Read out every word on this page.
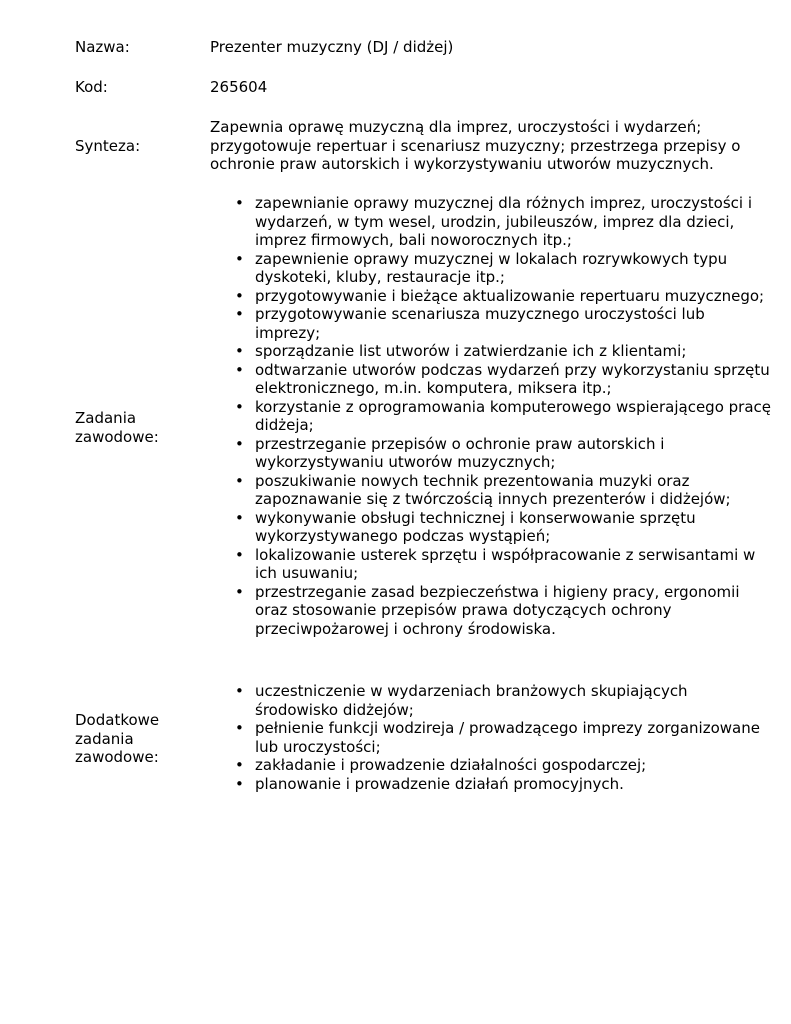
Nazwa:	Prezenter muzyczny (DJ / didżej)
Kod:	265604
Synteza:
Zapewnia oprawę muzyczną dla imprez, uroczystości i wydarzeń; przygotowuje repertuar i scenariusz muzyczny; przestrzega przepisy o ochronie praw autorskich i wykorzystywaniu utworów muzycznych.
Zadania zawodowe:
• zapewnianie oprawy muzycznej dla różnych imprez, uroczystości i wydarzeń, w tym wesel, urodzin, jubileuszów, imprez dla dzieci, imprez firmowych, bali noworocznych itp.;
• zapewnienie oprawy muzycznej w lokalach rozrywkowych typu dyskoteki, kluby, restauracje itp.;
• przygotowywanie i bieżące aktualizowanie repertuaru muzycznego;
• przygotowywanie scenariusza muzycznego uroczystości lub imprezy;
• sporządzanie list utworów i zatwierdzanie ich z klientami;
• odtwarzanie utworów podczas wydarzeń przy wykorzystaniu sprzętu elektronicznego, m.in. komputera, miksera itp.;
• korzystanie z oprogramowania komputerowego wspierającego pracę didżeja;
• przestrzeganie przepisów o ochronie praw autorskich i wykorzystywaniu utworów muzycznych;
• poszukiwanie nowych technik prezentowania muzyki oraz zapoznawanie się z twórczością innych prezenterów i didżejów;
• wykonywanie obsługi technicznej i konserwowanie sprzętu wykorzystywanego podczas wystąpień;
• lokalizowanie usterek sprzętu i współpracowanie z serwisantami w ich usuwaniu;
• przestrzeganie zasad bezpieczeństwa i higieny pracy, ergonomii oraz stosowanie przepisów prawa dotyczących ochrony przeciwpożarowej i ochrony środowiska.
Dodatkowe zadania zawodowe:
• uczestniczenie w wydarzeniach branżowych skupiających środowisko didżejów;
• pełnienie funkcji wodzireja / prowadzącego imprezy zorganizowane lub uroczystości;
• zakładanie i prowadzenie działalności gospodarczej;
• planowanie i prowadzenie działań promocyjnych.
